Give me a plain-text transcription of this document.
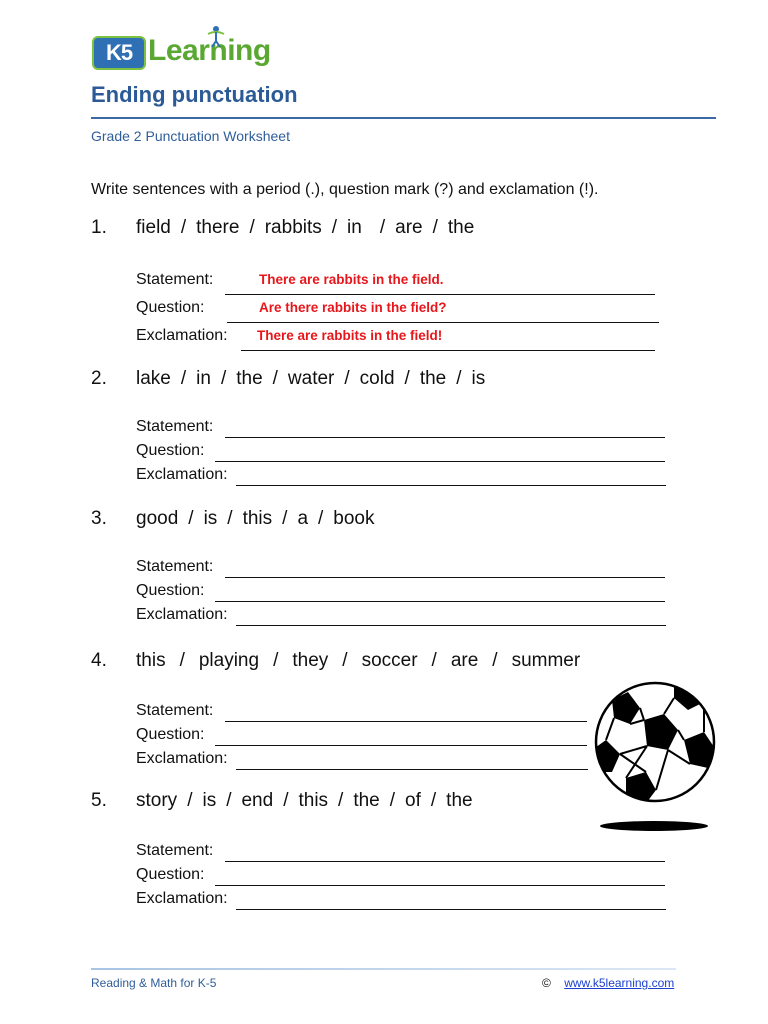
K5 Learning
Ending punctuation
Grade 2 Punctuation Worksheet
Write sentences with a period (.), question mark (?) and exclamation (!).
1. field / there / rabbits / in / are / the
Statement:	There are rabbits in the field.
Question:	Are there rabbits in the field?
Exclamation: There are rabbits in the field!
2. lake / in / the / water / cold / the / is
Statement:
Question:
Exclamation:
3. good / is / this / a / book
Statement:
Question:
Exclamation:
4. this / playing / they / soccer / are / summer
Statement:
Question:
Exclamation:
5. story / is / end / this / the / of / the
Statement:
Question:
Exclamation:
Reading & Math for K-5	© www.k5learning.com
